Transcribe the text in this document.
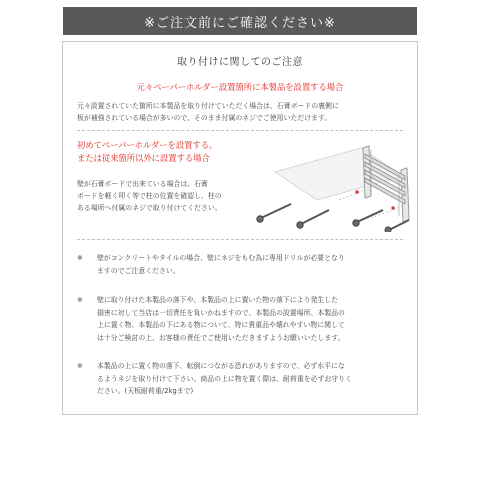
※ご注文前にご確認ください※
取り付けに関してのご注意
元々ペーパーホルダー設置箇所に本製品を設置する場合
元々設置されていた箇所に本製品を取り付けていただく場合は、石膏ボードの裏側に
板が補強されている場合が多いので、そのまま付属のネジでご使用いただけます。
初めてペーパーホルダーを設置する、
または従来箇所以外に設置する場合
壁が石膏ボードで出来ている場合は、石膏
ボードを軽く叩く等で柱の位置を確認し、柱の
ある場所へ付属のネジで取り付けてください。
※	壁がコンクリートやタイルの場合、壁にネジをもむ為に専用ドリルが必要となり
ますのでご注意ください。
※	壁に取り付けた本製品の落下や、本製品の上に置いた物の落下により発生した
損害に対して当店は一切責任を負いかねますので、本製品の設置場所、本製品の
上に置く物、本製品の下にある物について、特に貴重品や壊れやすい物に関して
は十分ご検討の上、お客様の責任でご使用いただきますようお願いいたします。
※	本製品の上に置く物の落下、転倒につながる恐れがありますので、必ず水平にな
るようネジを取り付けて下さい。商品の上に物を置く際は、耐荷重を必ずお守りく
ださい。(天板耐荷重/2kgまで)
